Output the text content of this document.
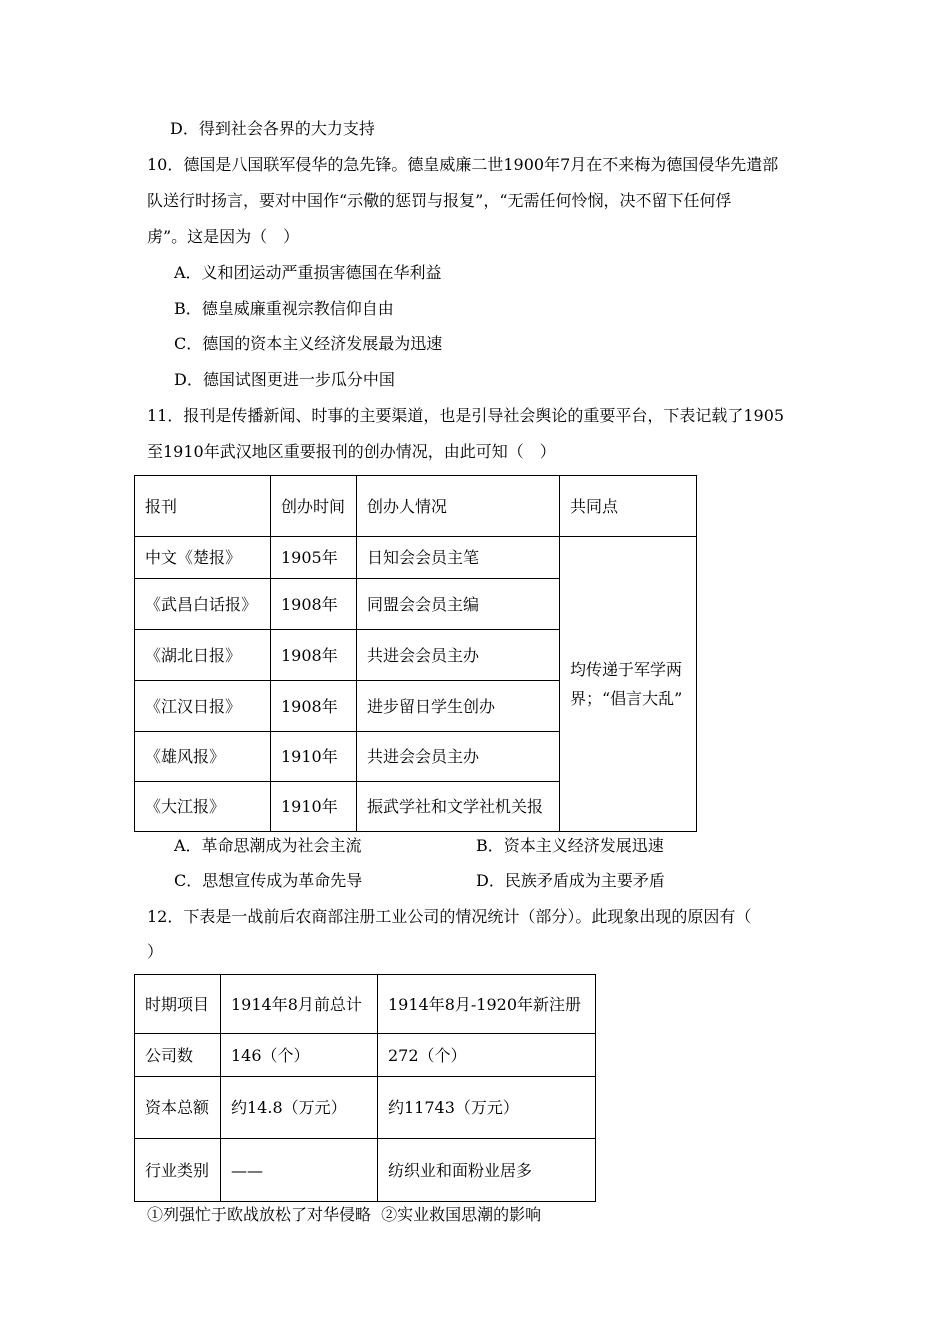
D．得到社会各界的大力支持
10．德国是八国联军侵华的急先锋。德皇威廉二世1900年7月在不来梅为德国侵华先遣部
队送行时扬言，要对中国作“示儆的惩罚与报复”，“无需任何怜悯，决不留下任何俘
虏”。这是因为（　）
A．义和团运动严重损害德国在华利益
B．德皇威廉重视宗教信仰自由
C．德国的资本主义经济发展最为迅速
D．德国试图更进一步瓜分中国
11．报刊是传播新闻、时事的主要渠道，也是引导社会舆论的重要平台，下表记载了1905
至1910年武汉地区重要报刊的创办情况，由此可知（　）
报刊	创办时间	创办人情况	共同点
中文《楚报》	1905年	日知会会员主笔	均传递于军学两界；“倡言大乱”
《武昌白话报》	1908年	同盟会会员主编	
《湖北日报》	1908年	共进会会员主办	
《江汉日报》	1908年	进步留日学生创办	
《雄风报》	1910年	共进会会员主办	
《大江报》	1910年	振武学社和文学社机关报	
A．革命思潮成为社会主流	B．资本主义经济发展迅速
C．思想宣传成为革命先导	D．民族矛盾成为主要矛盾
12．下表是一战前后农商部注册工业公司的情况统计（部分）。此现象出现的原因有（
）
时期项目	1914年8月前总计	1914年8月-1920年新注册
公司数	146（个）	272（个）
资本总额	约14.8（万元）	约11743（万元）
行业类别	——	纺织业和面粉业居多
①列强忙于欧战放松了对华侵略  ②实业救国思潮的影响
